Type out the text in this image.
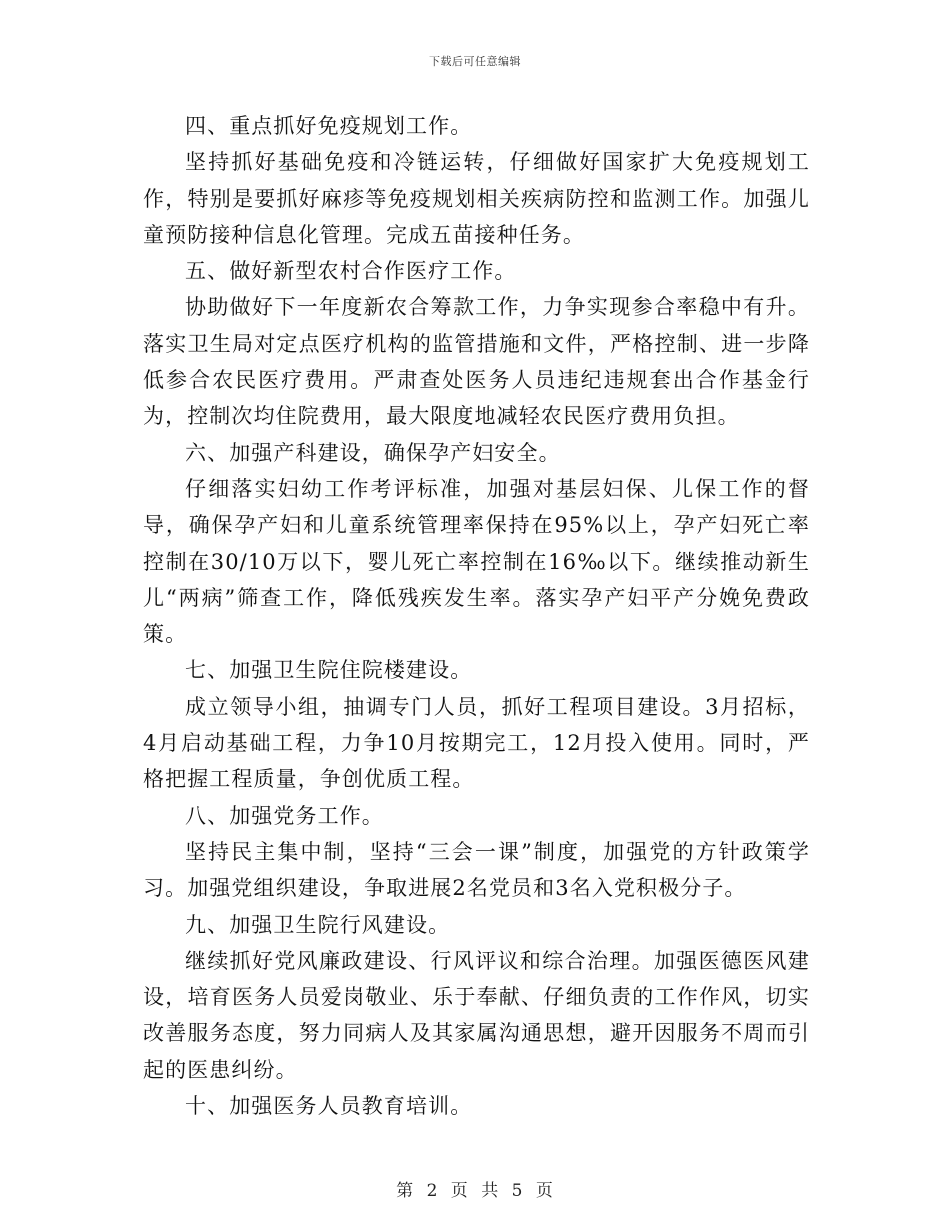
下载后可任意编辑

四、重点抓好免疫规划工作。

坚持抓好基础免疫和冷链运转，仔细做好国家扩大免疫规划工作，特别是要抓好麻疹等免疫规划相关疾病防控和监测工作。加强儿童预防接种信息化管理。完成五苗接种任务。

五、做好新型农村合作医疗工作。

协助做好下一年度新农合筹款工作，力争实现参合率稳中有升。落实卫生局对定点医疗机构的监管措施和文件，严格控制、进一步降低参合农民医疗费用。严肃查处医务人员违纪违规套出合作基金行为，控制次均住院费用，最大限度地减轻农民医疗费用负担。

六、加强产科建设，确保孕产妇安全。

仔细落实妇幼工作考评标准，加强对基层妇保、儿保工作的督导，确保孕产妇和儿童系统管理率保持在95%以上，孕产妇死亡率控制在30/10万以下，婴儿死亡率控制在16‰以下。继续推动新生儿“两病”筛查工作，降低残疾发生率。落实孕产妇平产分娩免费政策。

七、加强卫生院住院楼建设。

成立领导小组，抽调专门人员，抓好工程项目建设。3月招标，4月启动基础工程，力争10月按期完工，12月投入使用。同时，严格把握工程质量，争创优质工程。

八、加强党务工作。

坚持民主集中制，坚持“三会一课”制度，加强党的方针政策学习。加强党组织建设，争取进展2名党员和3名入党积极分子。

九、加强卫生院行风建设。

继续抓好党风廉政建设、行风评议和综合治理。加强医德医风建设，培育医务人员爱岗敬业、乐于奉献、仔细负责的工作作风，切实改善服务态度，努力同病人及其家属沟通思想，避开因服务不周而引起的医患纠纷。

十、加强医务人员教育培训。

第 2 页 共 5 页
